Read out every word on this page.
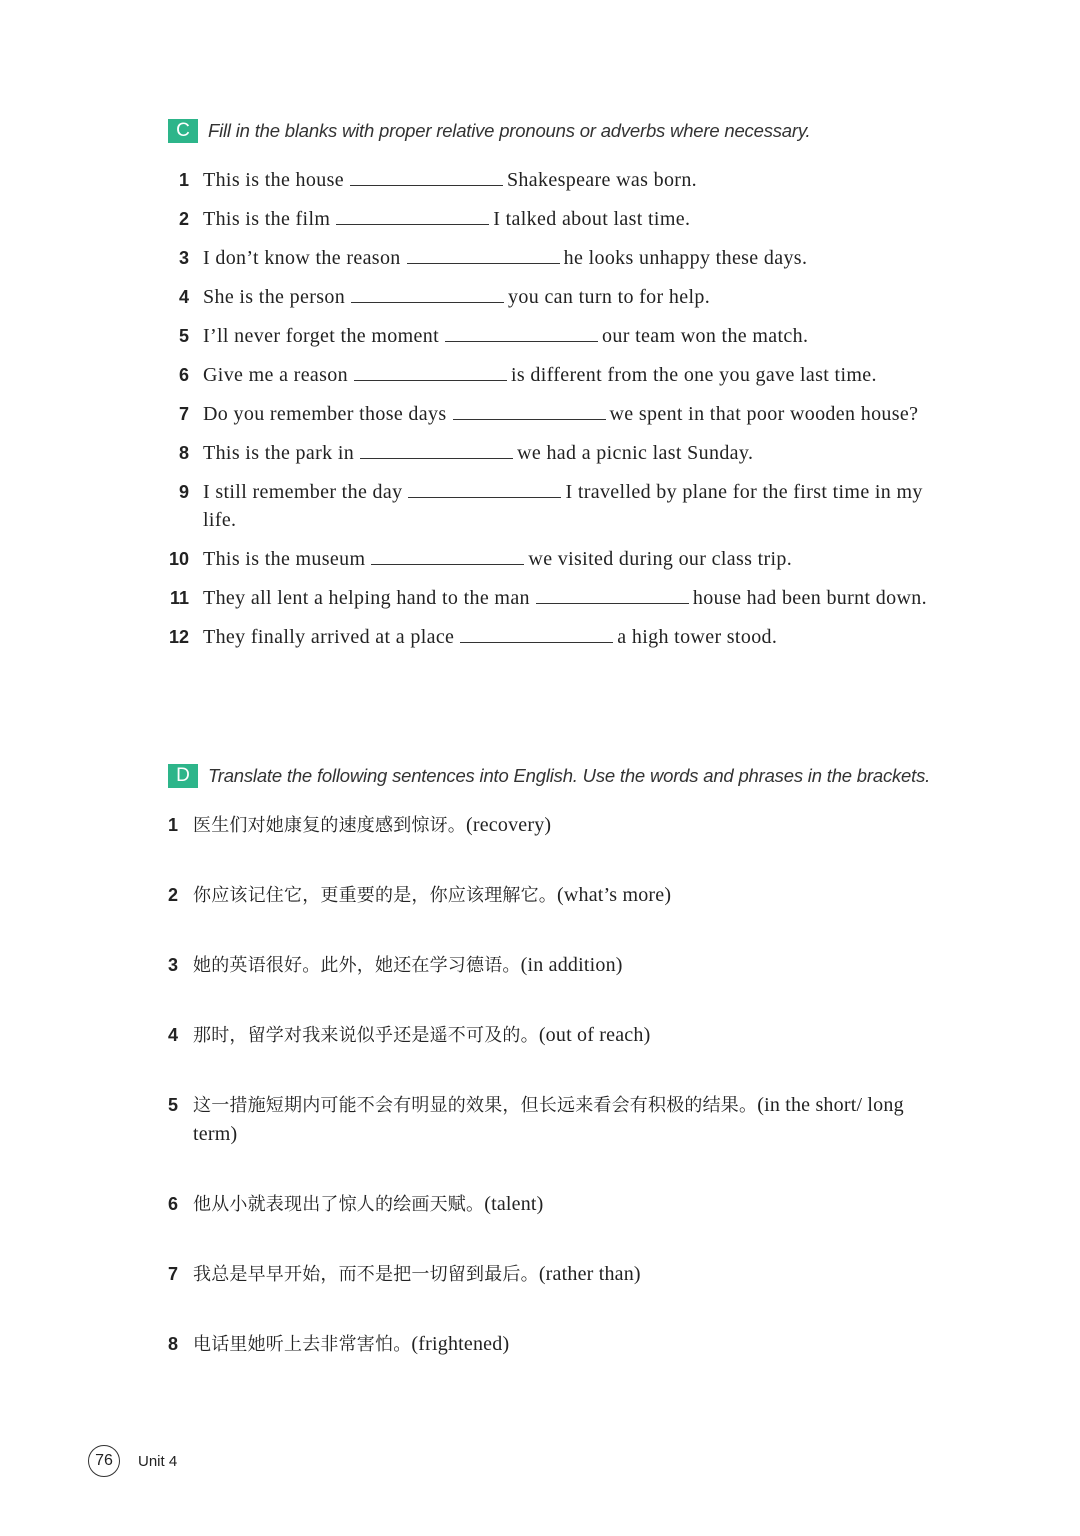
C Fill in the blanks with proper relative pronouns or adverbs where necessary.
1 This is the house	Shakespeare was born.
2 This is the film	I talked about last time.
3 I don’t know the reason	he looks unhappy these days.
4 She is the person	you can turn to for help.
5 I’ll never forget the moment	our team won the match.
6 Give me a reason	is different from the one you gave last time.
7 Do you remember those days	we spent in that poor wooden house?
8 This is the park in	we had a picnic last Sunday.
9 I still remember the day	I travelled by plane for the first time in my life.
10 This is the museum	we visited during our class trip.
11 They all lent a helping hand to the man	house had been burnt down.
12 They finally arrived at a place	a high tower stood.
D Translate the following sentences into English. Use the words and phrases in the brackets.
1 医生们对她康复的速度感到惊讶。(recovery)
2 你应该记住它，更重要的是，你应该理解它。(what’s more)
3 她的英语很好。此外，她还在学习德语。(in addition)
4 那时，留学对我来说似乎还是遥不可及的。(out of reach)
5 这一措施短期内可能不会有明显的效果，但长远来看会有积极的结果。(in the short/ long term)
6 他从小就表现出了惊人的绘画天赋。(talent)
7 我总是早早开始，而不是把一切留到最后。(rather than)
8 电话里她听上去非常害怕。(frightened)
76 Unit 4
